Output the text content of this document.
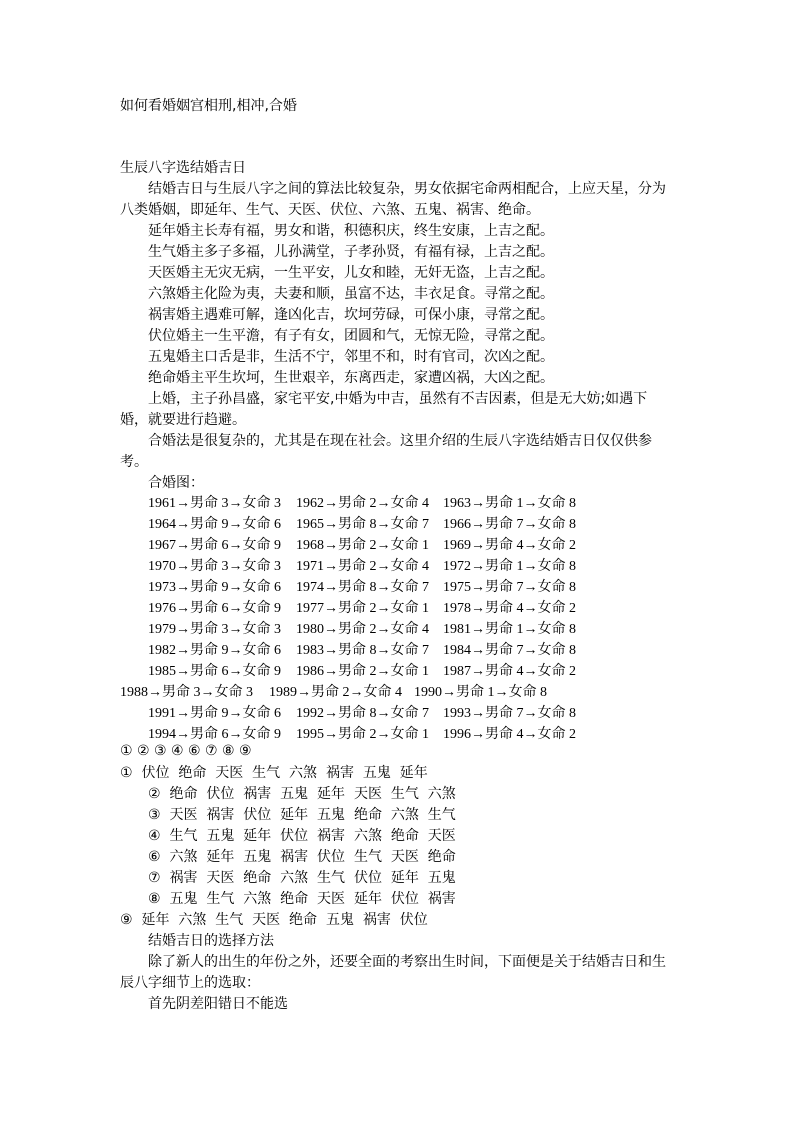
如何看婚姻宫相刑,相冲,合婚
生辰八字选结婚吉日
结婚吉日与生辰八字之间的算法比较复杂，男女依据宅命两相配合，上应天星，分为
八类婚姻，即延年、生气、天医、伏位、六煞、五鬼、祸害、绝命。
延年婚主长寿有福，男女和谐，积德积庆，终生安康，上吉之配。
生气婚主多子多福，儿孙满堂，子孝孙贤，有福有禄，上吉之配。
天医婚主无灾无病，一生平安，儿女和睦，无奸无盗，上吉之配。
六煞婚主化险为夷，夫妻和顺，虽富不达，丰衣足食。寻常之配。
祸害婚主遇难可解，逢凶化吉，坎坷劳碌，可保小康，寻常之配。
伏位婚主一生平澹，有子有女，团圆和气，无惊无险，寻常之配。
五鬼婚主口舌是非，生活不宁，邻里不和，时有官司，次凶之配。
绝命婚主平生坎坷，生世艰辛，东离西走，家遭凶祸，大凶之配。
上婚，主子孙昌盛，家宅平安,中婚为中吉，虽然有不吉因素，但是无大妨;如遇下
婚，就要进行趋避。
合婚法是很复杂的，尤其是在现在社会。这里介绍的生辰八字选结婚吉日仅仅供参
考。
合婚图：
1961→男命 3→女命 3 1962→男命 2→女命 4 1963→男命 1→女命 8
1964→男命 9→女命 6 1965→男命 8→女命 7 1966→男命 7→女命 8
1967→男命 6→女命 9 1968→男命 2→女命 1 1969→男命 4→女命 2
1970→男命 3→女命 3 1971→男命 2→女命 4 1972→男命 1→女命 8
1973→男命 9→女命 6 1974→男命 8→女命 7 1975→男命 7→女命 8
1976→男命 6→女命 9 1977→男命 2→女命 1 1978→男命 4→女命 2
1979→男命 3→女命 3 1980→男命 2→女命 4 1981→男命 1→女命 8
1982→男命 9→女命 6 1983→男命 8→女命 7 1984→男命 7→女命 8
1985→男命 6→女命 9 1986→男命 2→女命 1 1987→男命 4→女命 2
1988→男命 3→女命 3 1989→男命 2→女命 4 1990→男命 1→女命 8
1991→男命 9→女命 6 1992→男命 8→女命 7 1993→男命 7→女命 8
1994→男命 6→女命 9 1995→男命 2→女命 1 1996→男命 4→女命 2
① ② ③ ④ ⑥ ⑦ ⑧ ⑨
①  伏位  绝命  天医  生气  六煞  祸害  五鬼  延年
②  绝命  伏位  祸害  五鬼  延年  天医  生气  六煞
③  天医  祸害  伏位  延年  五鬼  绝命  六煞  生气
④  生气  五鬼  延年  伏位  祸害  六煞  绝命  天医
⑥  六煞  延年  五鬼  祸害  伏位  生气  天医  绝命
⑦  祸害  天医  绝命  六煞  生气  伏位  延年  五鬼
⑧  五鬼  生气  六煞  绝命  天医  延年  伏位  祸害
⑨  延年  六煞  生气  天医  绝命  五鬼  祸害  伏位
结婚吉日的选择方法
除了新人的出生的年份之外，还要全面的考察出生时间，下面便是关于结婚吉日和生
辰八字细节上的选取：
首先阴差阳错日不能选
